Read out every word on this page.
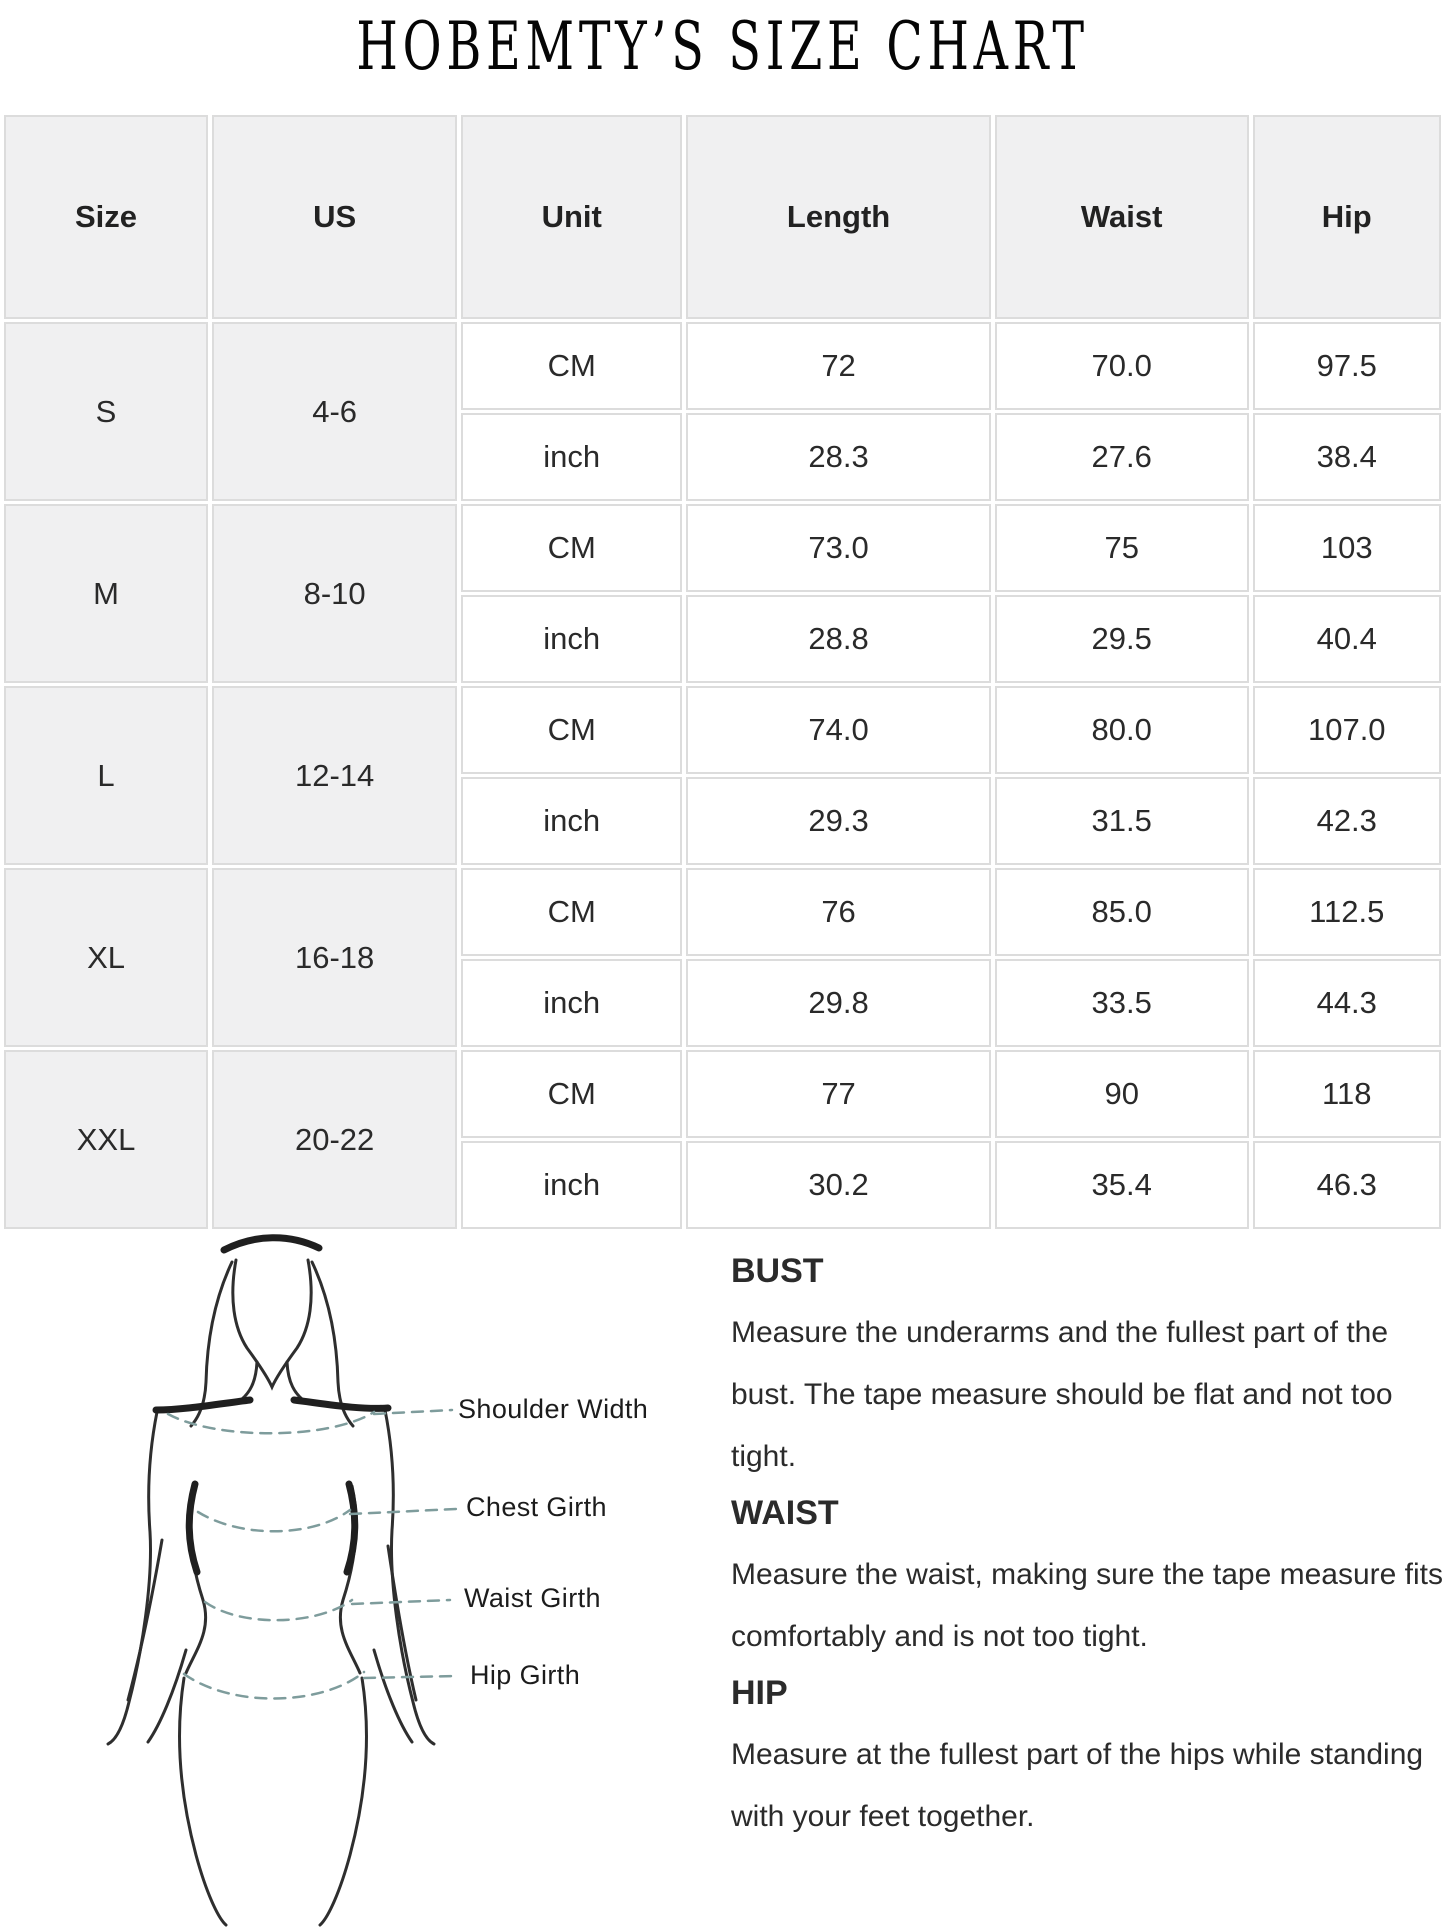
HOBEMTY’S SIZE CHART
Size	US	Unit	Length	Waist	Hip
S	4-6	CM	72	70.0	97.5
		inch	28.3	27.6	38.4
M	8-10	CM	73.0	75	103
		inch	28.8	29.5	40.4
L	12-14	CM	74.0	80.0	107.0
		inch	29.3	31.5	42.3
XL	16-18	CM	76	85.0	112.5
		inch	29.8	33.5	44.3
XXL	20-22	CM	77	90	118
		inch	30.2	35.4	46.3
Shoulder Width
Chest Girth
Waist Girth
Hip Girth
BUST

Measure the underarms and the fullest part of the bust. The tape measure should be flat and not too tight.

WAIST

Measure the waist, making sure the tape measure fits comfortably and is not too tight.

HIP

Measure at the fullest part of the hips while standing with your feet together.
